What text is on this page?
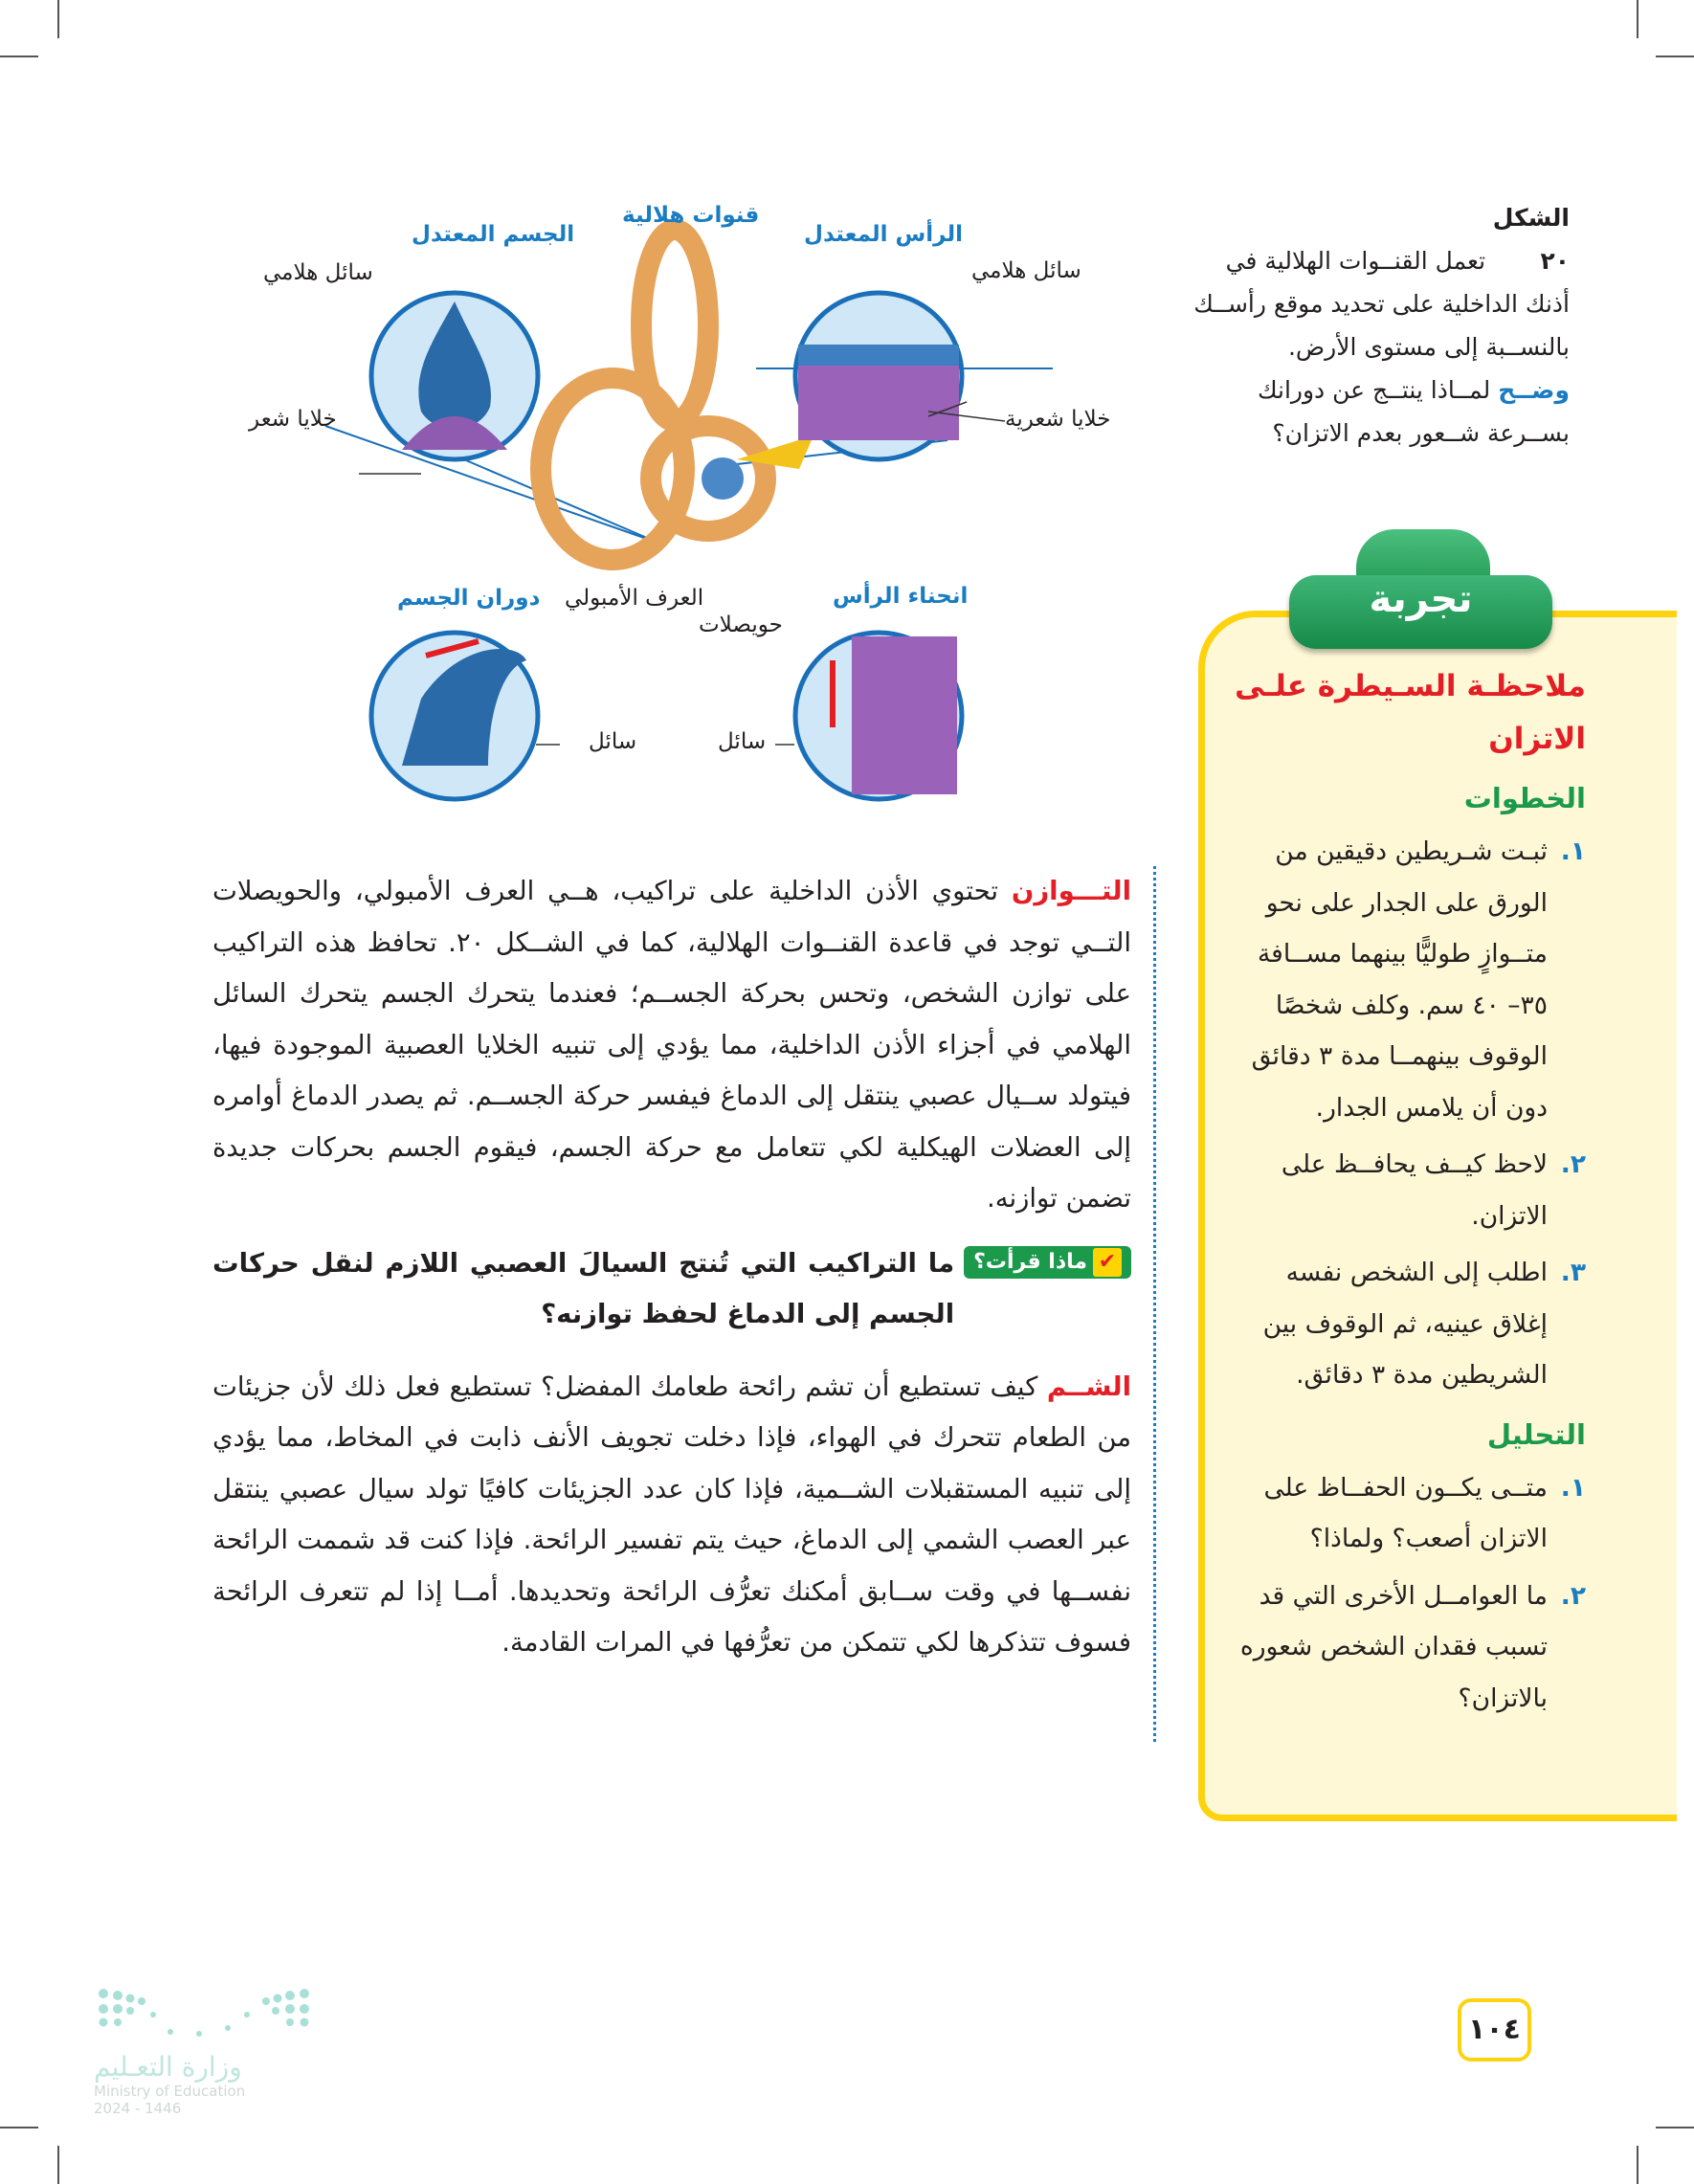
الشكل ٢٠ تعمل القنــوات الهلالية في أذنك الداخلية على تحديد موقع رأســك بالنســبة إلى مستوى الأرض.
وضــح لمــاذا ينتــج عن دورانك بســرعة شــعور بعدم الاتزان؟
الجسم المعتدل
قنوات هلالية
الرأس المعتدل
سائل هلامي
خلايا شعر
سائل هلامي
خلايا شعرية
دوران الجسم العرف الأمبولي
حويصلات
انحناء الرأس
سائل	سائل

التـــوازن تحتوي الأذن الداخلية على تراكيب، هــي العرف الأمبولي، والحويصلات التــي توجد في قاعدة القنــوات الهلالية، كما في الشــكل ٢٠. تحافظ هذه التراكيب على توازن الشخص، وتحس بحركة الجســم؛ فعندما يتحرك الجسم يتحرك السائل الهلامي في أجزاء الأذن الداخلية، مما يؤدي إلى تنبيه الخلايا العصبية الموجودة فيها، فيتولد ســيال عصبي ينتقل إلى الدماغ فيفسر حركة الجســم. ثم يصدر الدماغ أوامره إلى العضلات الهيكلية لكي تتعامل مع حركة الجسم، فيقوم الجسم بحركات جديدة تضمن توازنه.

✔
ماذا قرأت؟
ما التراكيب التي تُنتج السيالَ العصبي اللازم لنقل حركات الجسم إلى الدماغ لحفظ توازنه؟

الشــم كيف تستطيع أن تشم رائحة طعامك المفضل؟ تستطيع فعل ذلك لأن جزيئات من الطعام تتحرك في الهواء، فإذا دخلت تجويف الأنف ذابت في المخاط، مما يؤدي إلى تنبيه المستقبلات الشــمية، فإذا كان عدد الجزيئات كافيًا تولد سيال عصبي ينتقل عبر العصب الشمي إلى الدماغ، حيث يتم تفسير الرائحة. فإذا كنت قد شممت الرائحة نفســها في وقت ســابق أمكنك تعرُّف الرائحة وتحديدها. أمــا إذا لم تتعرف الرائحة فسوف تتذكرها لكي تتمكن من تعرُّفها في المرات القادمة.

تجربة
ملاحظـة السـيطرة علـى الاتزان
الخطوات
١.
ثبـت شـريطين دقيقين من الورق على الجدار على نحو متــوازٍ طوليًّا بينهما مســافة ٣٥– ٤٠ سم. وكلف شخصًا الوقوف بينهمــا مدة ٣ دقائق دون أن يلامس الجدار.
٢.
لاحظ كيــف يحافــظ على الاتزان.
٣.
اطلب إلى الشخص نفسه إغلاق عينيه، ثم الوقوف بين الشريطين مدة ٣ دقائق.
التحليل
١.
متــى يكــون الحفــاظ على الاتزان أصعب؟ ولماذا؟
٢.
ما العوامــل الأخرى التي قد تسبب فقدان الشخص شعوره بالاتزان؟
١٠٤
وزارة التعـليم
Ministry of Education
2024 - 1446
